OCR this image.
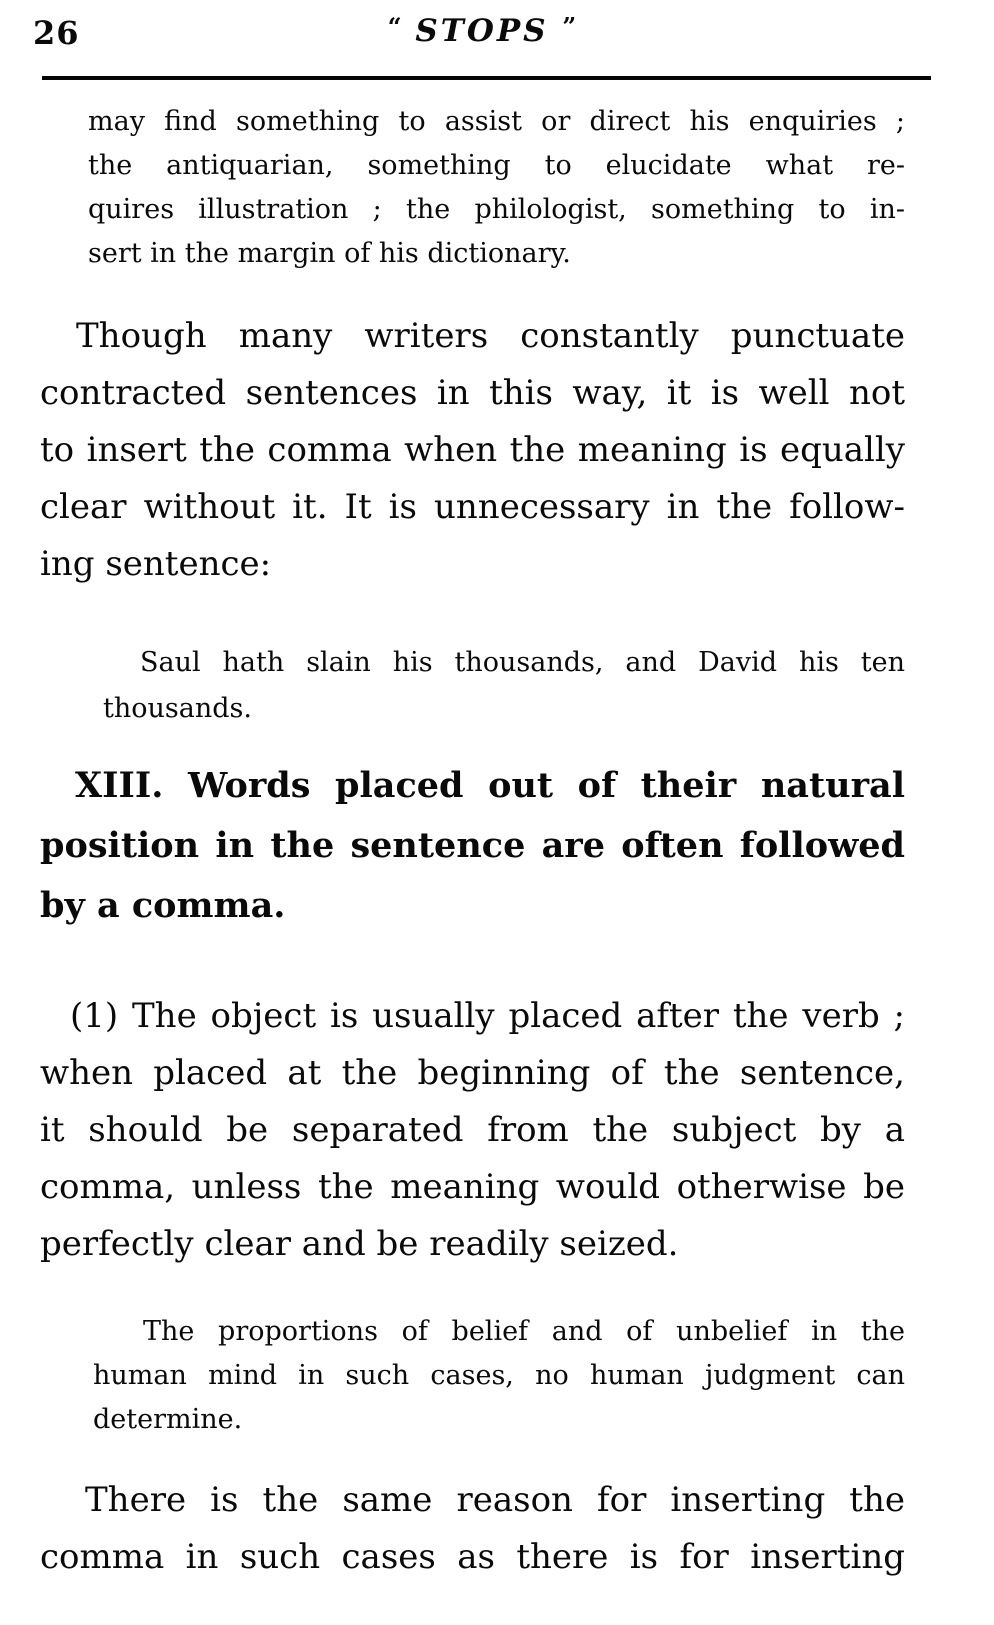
26	“ STOPS ”
may find something to assist or direct his enquiries ;
the antiquarian, something to elucidate what re-
quires illustration ; the philologist, something to in-
sert in the margin of his dictionary.
Though many writers constantly punctuate
contracted sentences in this way, it is well not
to insert the comma when the meaning is equally
clear without it. It is unnecessary in the follow-
ing sentence:
Saul hath slain his thousands, and David his ten
thousands.
XIII. Words placed out of their natural
position in the sentence are often followed
by a comma.
(1) The object is usually placed after the verb ;
when placed at the beginning of the sentence,
it should be separated from the subject by a
comma, unless the meaning would otherwise be
perfectly clear and be readily seized.
The proportions of belief and of unbelief in the
human mind in such cases, no human judgment can
determine.
There is the same reason for inserting the
comma in such cases as there is for inserting
